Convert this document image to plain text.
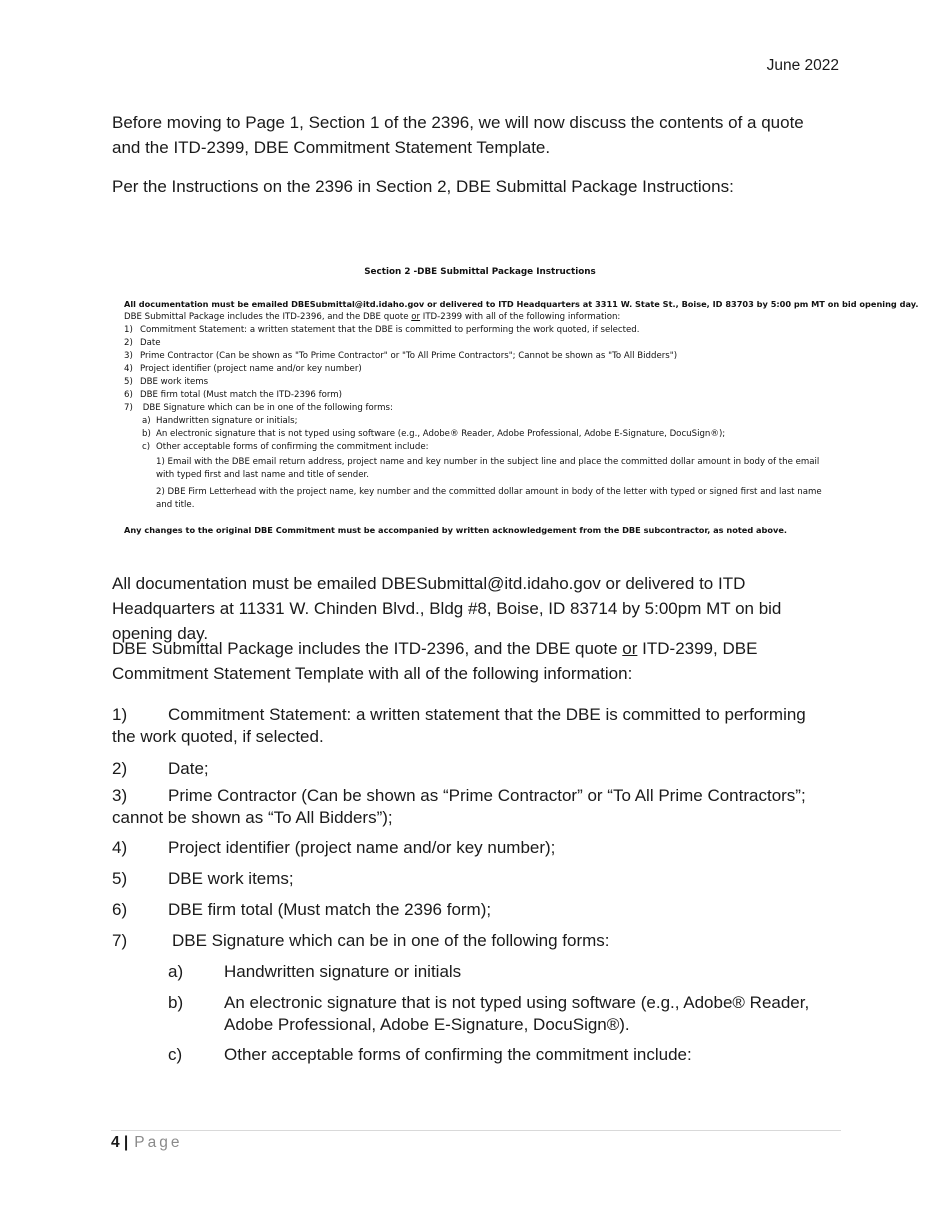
June 2022

Before moving to Page 1, Section 1 of the 2396, we will now discuss the contents of a quote and the ITD-2399, DBE Commitment Statement Template.

Per the Instructions on the 2396 in Section 2, DBE Submittal Package Instructions:

Section 2 -DBE Submittal Package Instructions

All documentation must be emailed DBESubmittal@itd.idaho.gov or delivered to ITD Headquarters at 3311 W. State St., Boise, ID 83703 by 5:00 pm MT on bid opening day.

DBE Submittal Package includes the ITD-2396, and the DBE quote or ITD-2399 with all of the following information:

1) Commitment Statement: a written statement that the DBE is committed to performing the work quoted, if selected.

2) Date

3) Prime Contractor (Can be shown as "To Prime Contractor" or "To All Prime Contractors"; Cannot be shown as "To All Bidders")

4) Project identifier (project name and/or key number)

5) DBE work items

6) DBE firm total (Must match the ITD-2396 form)

7) DBE Signature which can be in one of the following forms:

a) Handwritten signature or initials;

b) An electronic signature that is not typed using software (e.g., Adobe® Reader, Adobe Professional, Adobe E-Signature, DocuSign®);

c) Other acceptable forms of confirming the commitment include:

1) Email with the DBE email return address, project name and key number in the subject line and place the committed dollar amount in body of the email with typed first and last name and title of sender.

2) DBE Firm Letterhead with the project name, key number and the committed dollar amount in body of the letter with typed or signed first and last name and title.

Any changes to the original DBE Commitment must be accompanied by written acknowledgement from the DBE subcontractor, as noted above.

All documentation must be emailed DBESubmittal@itd.idaho.gov or delivered to ITD Headquarters at 11331 W. Chinden Blvd., Bldg #8, Boise, ID 83714 by 5:00pm MT on bid opening day.

DBE Submittal Package includes the ITD-2396, and the DBE quote or ITD-2399, DBE Commitment Statement Template with all of the following information:

1) Commitment Statement: a written statement that the DBE is committed to performing the work quoted, if selected.

2) Date;

3) Prime Contractor (Can be shown as “Prime Contractor” or “To All Prime Contractors”; cannot be shown as “To All Bidders”);

4) Project identifier (project name and/or key number);

5) DBE work items;

6) DBE firm total (Must match the 2396 form);

7)	DBE Signature which can be in one of the following forms:

a) Handwritten signature or initials
b) An electronic signature that is not typed using software (e.g., Adobe® Reader, Adobe Professional, Adobe E-Signature, DocuSign®).
c) Other acceptable forms of confirming the commitment include:
4 | Page
